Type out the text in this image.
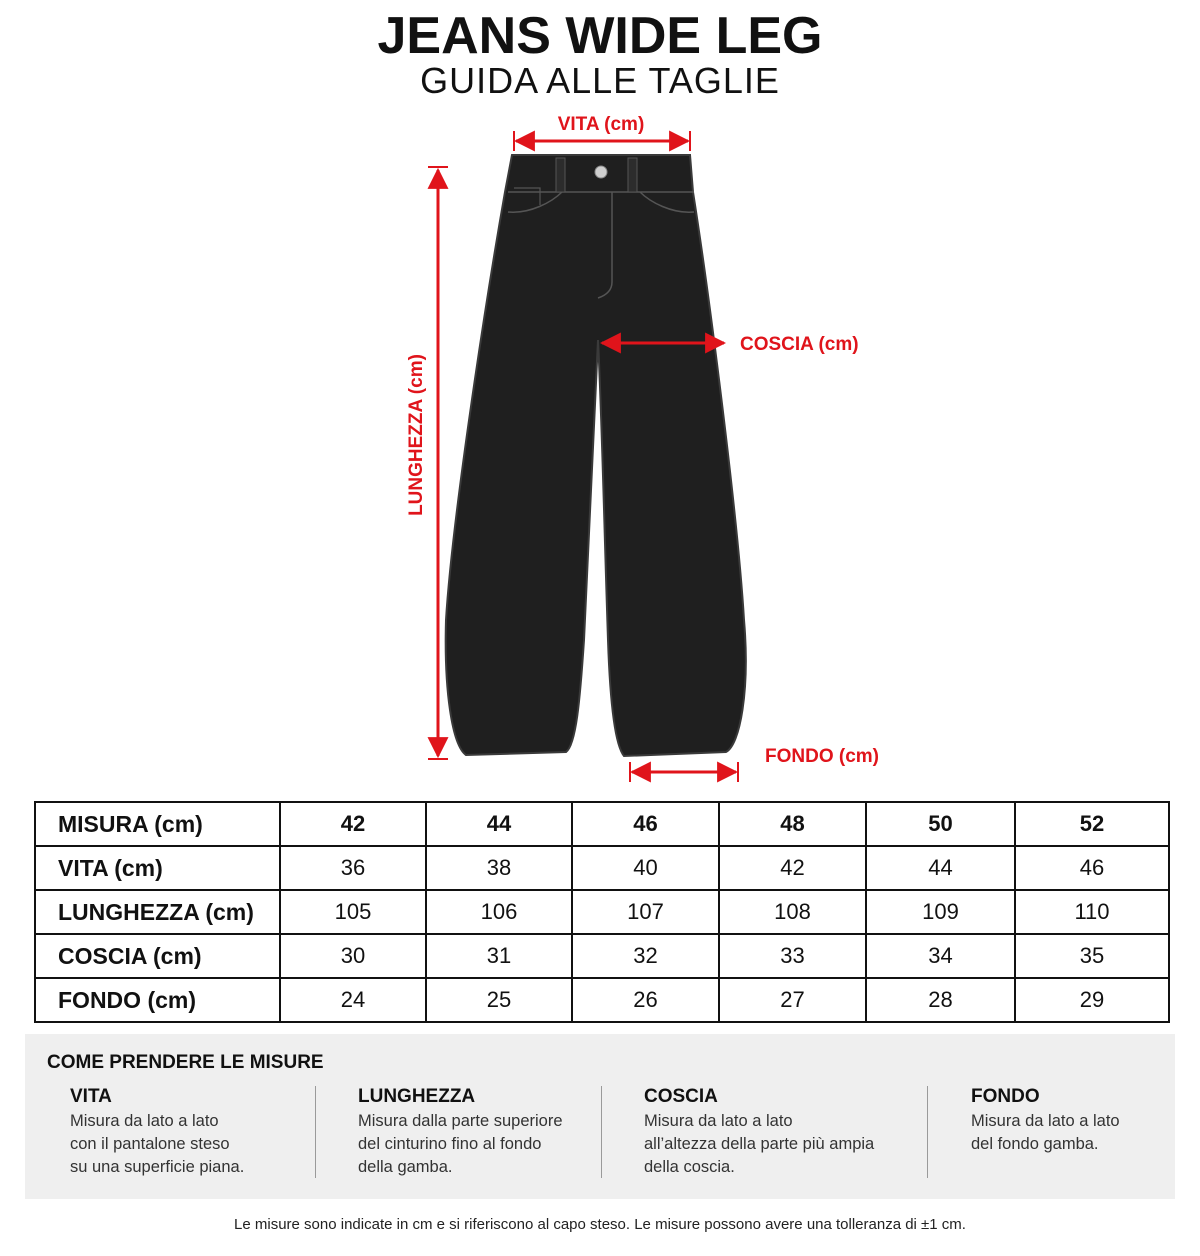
JEANS WIDE LEG
GUIDA ALLE TAGLIE
VITA (cm)
LUNGHEZZA (cm)
COSCIA (cm)
FONDO (cm)
MISURA (cm)	42	44	46	48	50	52
VITA (cm)	36	38	40	42	44	46
LUNGHEZZA (cm)	105	106	107	108	109	110
COSCIA (cm)	30	31	32	33	34	35
FONDO (cm)	24	25	26	27	28	29
COME PRENDERE LE MISURE
VITA

Misura da lato a lato
con il pantalone steso
su una superficie piana.

LUNGHEZZA

Misura dalla parte superiore
del cinturino fino al fondo
della gamba.

COSCIA

Misura da lato a lato
all’altezza della parte più ampia
della coscia.

FONDO

Misura da lato a lato
del fondo gamba.

Le misure sono indicate in cm e si riferiscono al capo steso. Le misure possono avere una tolleranza di ±1 cm.
